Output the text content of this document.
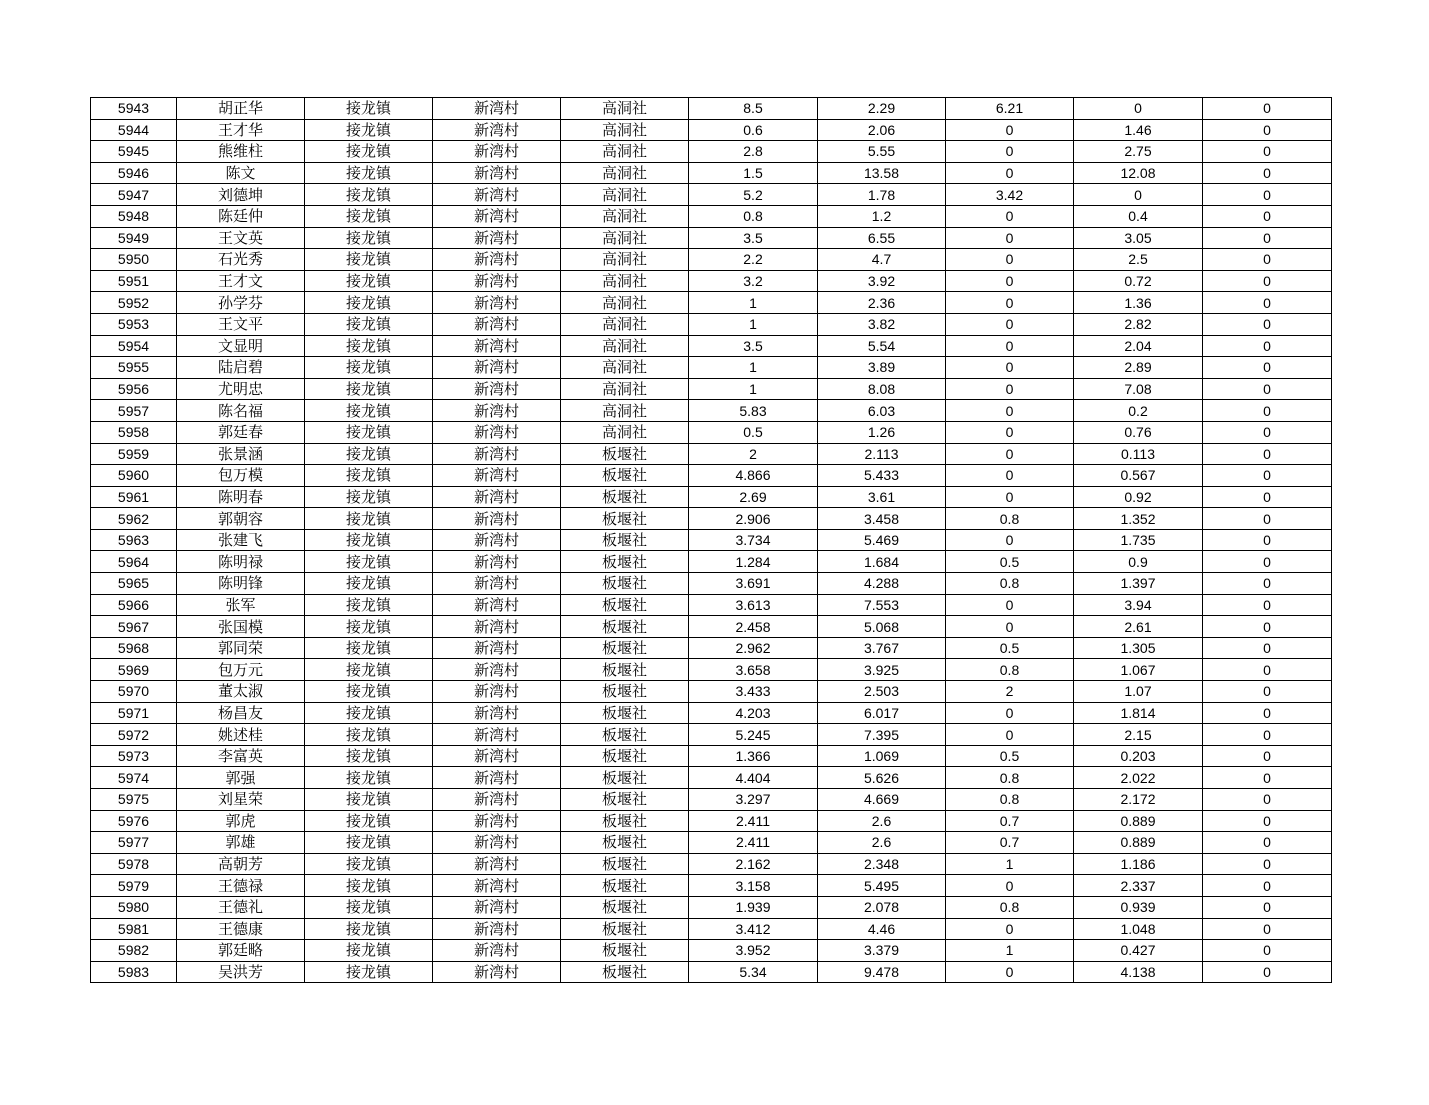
5943	胡正华	接龙镇	新湾村	高洞社	8.5	2.29	6.21	0	0
5944	王才华	接龙镇	新湾村	高洞社	0.6	2.06	0	1.46	0
5945	熊维柱	接龙镇	新湾村	高洞社	2.8	5.55	0	2.75	0
5946	陈文	接龙镇	新湾村	高洞社	1.5	13.58	0	12.08	0
5947	刘德坤	接龙镇	新湾村	高洞社	5.2	1.78	3.42	0	0
5948	陈廷仲	接龙镇	新湾村	高洞社	0.8	1.2	0	0.4	0
5949	王文英	接龙镇	新湾村	高洞社	3.5	6.55	0	3.05	0
5950	石光秀	接龙镇	新湾村	高洞社	2.2	4.7	0	2.5	0
5951	王才文	接龙镇	新湾村	高洞社	3.2	3.92	0	0.72	0
5952	孙学芬	接龙镇	新湾村	高洞社	1	2.36	0	1.36	0
5953	王文平	接龙镇	新湾村	高洞社	1	3.82	0	2.82	0
5954	文显明	接龙镇	新湾村	高洞社	3.5	5.54	0	2.04	0
5955	陆启碧	接龙镇	新湾村	高洞社	1	3.89	0	2.89	0
5956	尤明忠	接龙镇	新湾村	高洞社	1	8.08	0	7.08	0
5957	陈名福	接龙镇	新湾村	高洞社	5.83	6.03	0	0.2	0
5958	郭廷春	接龙镇	新湾村	高洞社	0.5	1.26	0	0.76	0
5959	张景涵	接龙镇	新湾村	板堰社	2	2.113	0	0.113	0
5960	包万模	接龙镇	新湾村	板堰社	4.866	5.433	0	0.567	0
5961	陈明春	接龙镇	新湾村	板堰社	2.69	3.61	0	0.92	0
5962	郭朝容	接龙镇	新湾村	板堰社	2.906	3.458	0.8	1.352	0
5963	张建飞	接龙镇	新湾村	板堰社	3.734	5.469	0	1.735	0
5964	陈明禄	接龙镇	新湾村	板堰社	1.284	1.684	0.5	0.9	0
5965	陈明锋	接龙镇	新湾村	板堰社	3.691	4.288	0.8	1.397	0
5966	张军	接龙镇	新湾村	板堰社	3.613	7.553	0	3.94	0
5967	张国模	接龙镇	新湾村	板堰社	2.458	5.068	0	2.61	0
5968	郭同荣	接龙镇	新湾村	板堰社	2.962	3.767	0.5	1.305	0
5969	包万元	接龙镇	新湾村	板堰社	3.658	3.925	0.8	1.067	0
5970	董太淑	接龙镇	新湾村	板堰社	3.433	2.503	2	1.07	0
5971	杨昌友	接龙镇	新湾村	板堰社	4.203	6.017	0	1.814	0
5972	姚述桂	接龙镇	新湾村	板堰社	5.245	7.395	0	2.15	0
5973	李富英	接龙镇	新湾村	板堰社	1.366	1.069	0.5	0.203	0
5974	郭强	接龙镇	新湾村	板堰社	4.404	5.626	0.8	2.022	0
5975	刘星荣	接龙镇	新湾村	板堰社	3.297	4.669	0.8	2.172	0
5976	郭虎	接龙镇	新湾村	板堰社	2.411	2.6	0.7	0.889	0
5977	郭雄	接龙镇	新湾村	板堰社	2.411	2.6	0.7	0.889	0
5978	高朝芳	接龙镇	新湾村	板堰社	2.162	2.348	1	1.186	0
5979	王德禄	接龙镇	新湾村	板堰社	3.158	5.495	0	2.337	0
5980	王德礼	接龙镇	新湾村	板堰社	1.939	2.078	0.8	0.939	0
5981	王德康	接龙镇	新湾村	板堰社	3.412	4.46	0	1.048	0
5982	郭廷略	接龙镇	新湾村	板堰社	3.952	3.379	1	0.427	0
5983	吴洪芳	接龙镇	新湾村	板堰社	5.34	9.478	0	4.138	0
